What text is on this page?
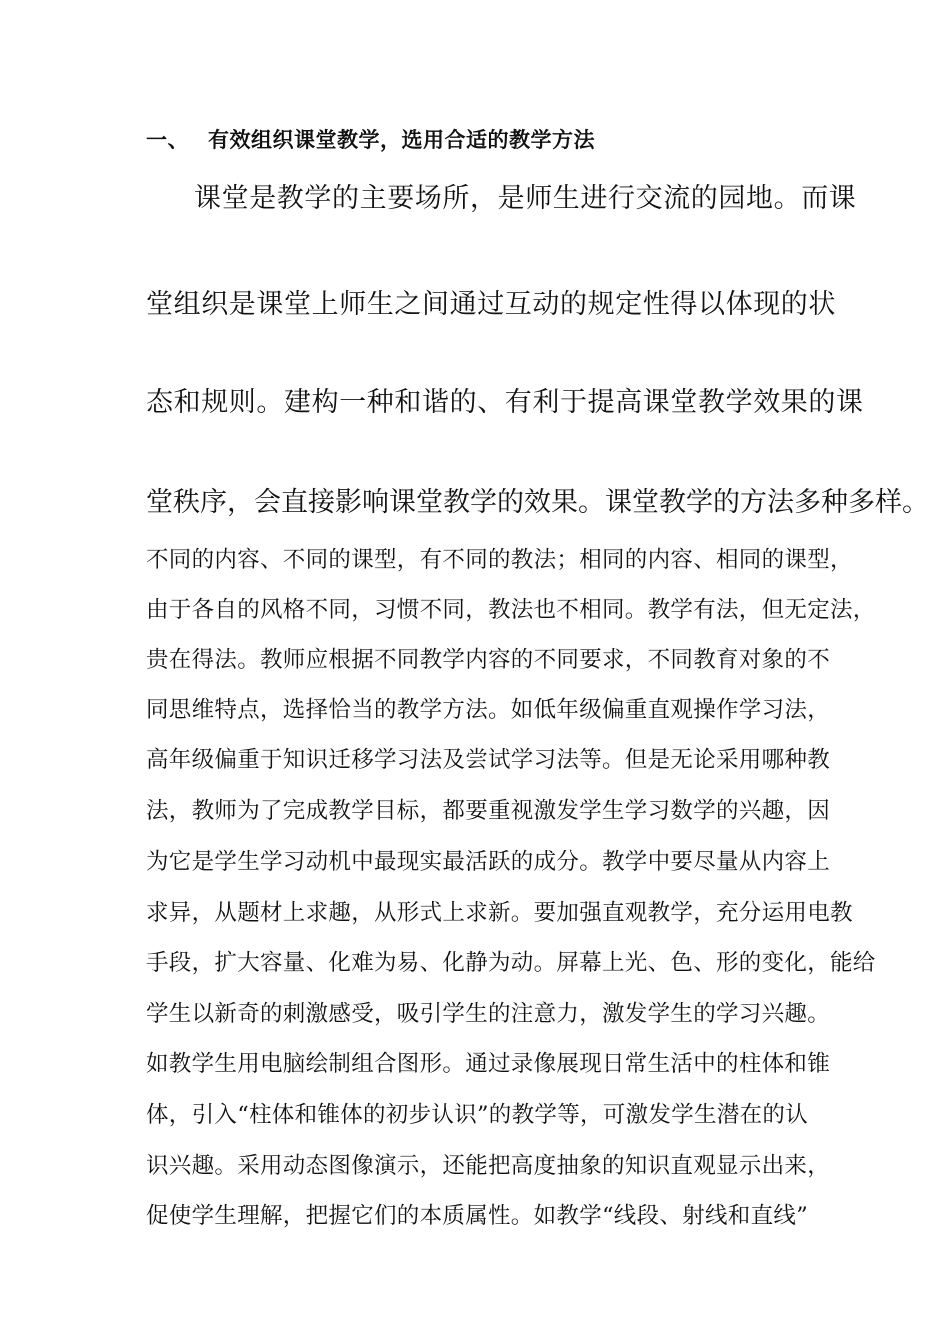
一、 有效组织课堂教学，选用合适的教学方法
课堂是教学的主要场所，是师生进行交流的园地。而课
堂组织是课堂上师生之间通过互动的规定性得以体现的状
态和规则。建构一种和谐的、有利于提高课堂教学效果的课
堂秩序，会直接影响课堂教学的效果。课堂教学的方法多种多样。
不同的内容、不同的课型，有不同的教法；相同的内容、相同的课型，
由于各自的风格不同，习惯不同，教法也不相同。教学有法，但无定法，
贵在得法。教师应根据不同教学内容的不同要求，不同教育对象的不
同思维特点，选择恰当的教学方法。如低年级偏重直观操作学习法，
高年级偏重于知识迁移学习法及尝试学习法等。但是无论采用哪种教
法，教师为了完成教学目标，都要重视激发学生学习数学的兴趣，因
为它是学生学习动机中最现实最活跃的成分。教学中要尽量从内容上
求异，从题材上求趣，从形式上求新。要加强直观教学，充分运用电教
手段，扩大容量、化难为易、化静为动。屏幕上光、色、形的变化，能给
学生以新奇的刺激感受，吸引学生的注意力，激发学生的学习兴趣。
如教学生用电脑绘制组合图形。通过录像展现日常生活中的柱体和锥
体，引入“柱体和锥体的初步认识”的教学等，可激发学生潜在的认
识兴趣。采用动态图像演示，还能把高度抽象的知识直观显示出来，
促使学生理解，把握它们的本质属性。如教学“线段、射线和直线”
